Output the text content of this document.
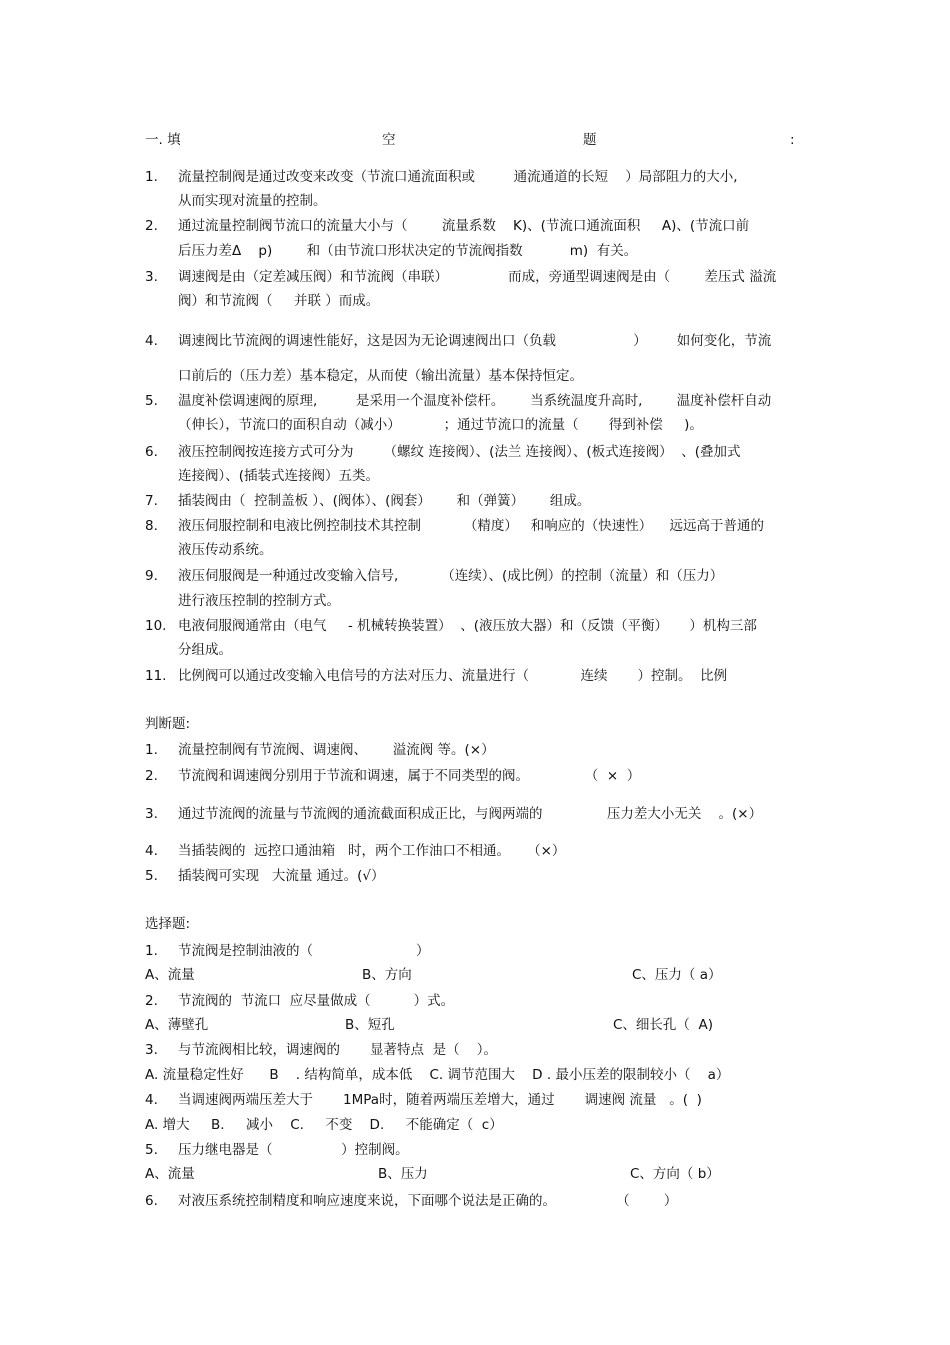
一. 填	空	题	:
1. 流量控制阀是通过改变来改变（节流口通流面积或         通流通道的长短    ）局部阻力的大小,
从而实现对流量的控制。
2. 通过流量控制阀节流口的流量大小与（        流量系数    K)、(节流口通流面积     A)、(节流口前
后压力差Δ    p)        和（由节流口形状决定的节流阀指数           m)  有关。
3. 调速阀是由（定差减压阀）和节流阀（串联）              而成，旁通型调速阀是由（        差压式 溢流
阀）和节流阀（     并联 ）而成。
4. 调速阀比节流阀的调速性能好，这是因为无论调速阀出口（负载                  ）       如何变化，节流
口前后的（压力差）基本稳定，从而使（输出流量）基本保持恒定。
5. 温度补偿调速阀的原理,         是采用一个温度补偿杆。      当系统温度升高时,        温度补偿杆自动
（伸长），节流口的面积自动（减小）          ；通过节流口的流量（       得到补偿     )。
6. 液压控制阀按连接方式可分为       （螺纹 连接阀）、(法兰 连接阀）、(板式连接阀）  、(叠加式
连接阀）、(插装式连接阀）五类。
7. 插装阀由（  控制盖板 ）、(阀体）、(阀套）      和（弹簧）      组成。
8. 液压伺服控制和电液比例控制技术其控制          （精度）   和响应的（快速性）    远远高于普通的
液压传动系统。
9. 液压伺服阀是一种通过改变输入信号,          （连续）、(成比例）的控制（流量）和（压力）
进行液压控制的控制方式。
10. 电液伺服阀通常由（电气     - 机械转换装置）  、(液压放大器）和（反馈（平衡）     ）机构三部
分组成。
11. 比例阀可以通过改变输入电信号的方法对压力、流量进行（            连续       ）控制。  比例
判断题:
1. 流量控制阀有节流阀、调速阀、      溢流阀 等。(×）
2. 节流阀和调速阀分别用于节流和调速，属于不同类型的阀。             （  ×  ）
3. 通过节流阀的流量与节流阀的通流截面积成正比，与阀两端的               压力差大小无关    。(×）
4. 当插装阀的  远控口通油箱   时，两个工作油口不相通。    （×）
5. 插装阀可实现   大流量 通过。(√）
选择题:
1. 节流阀是控制油液的（                        ）
A、流量	B、方向	C、压力（ a）
2. 节流阀的  节流口  应尽量做成（          ）式。
A、薄壁孔	B、短孔	C、细长孔（  A)
3. 与节流阀相比较，调速阀的       显著特点  是（    ）。
A. 流量稳定性好      B    . 结构简单，成本低    C. 调节范围大    D . 最小压差的限制较小（    a）
4. 当调速阀两端压差大于       1MPa时，随着两端压差增大，通过       调速阀 流量   。(  )
A. 增大     B.     减小    C.     不变    D.     不能确定（  c）
5. 压力继电器是（                ）控制阀。
A、流量	B、压力	C、方向（ b）
6. 对液压系统控制精度和响应速度来说，下面哪个说法是正确的。              （        ）
